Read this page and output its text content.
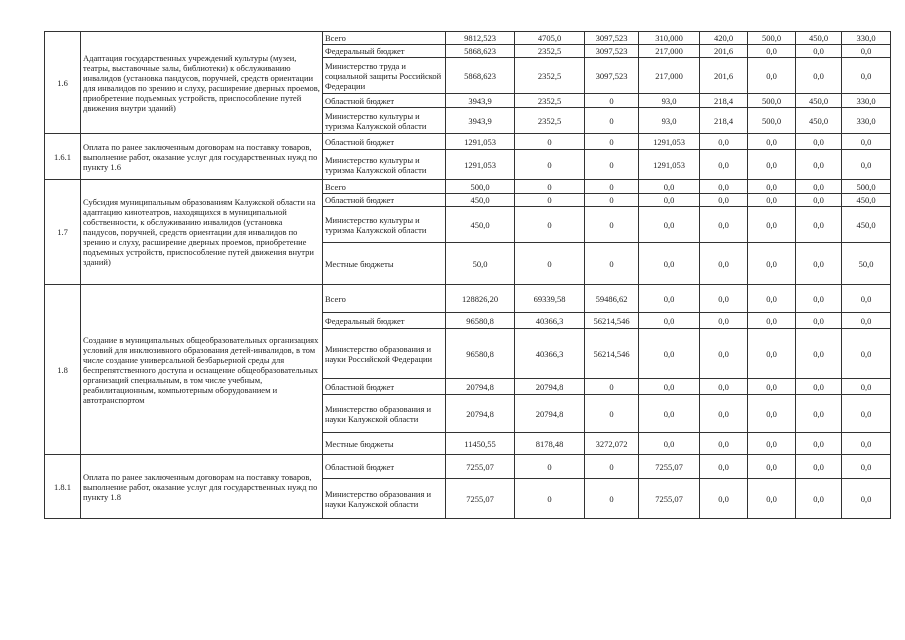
1.6	Адаптация государственных учреждений культуры (музеи, театры, выставочные залы, библиотеки) к обслуживанию инвалидов (установка пандусов, поручней, средств ориентации для инвалидов по зрению и слуху, расширение дверных проемов, приобретение подъемных устройств, приспособление путей движения внутри зданий)	Всего	9812,523	4705,0	3097,523	310,000	420,0	500,0	450,0	330,0
		Федеральный бюджет	5868,623	2352,5	3097,523	217,000	201,6	0,0	0,0	0,0
		Министерство труда и социальной защиты Российской Федерации	5868,623	2352,5	3097,523	217,000	201,6	0,0	0,0	0,0
		Областной бюджет	3943,9	2352,5	0	93,0	218,4	500,0	450,0	330,0
		Министерство культуры и туризма Калужской области	3943,9	2352,5	0	93,0	218,4	500,0	450,0	330,0
1.6.1	Оплата по ранее заключенным договорам на поставку товаров, выполнение работ, оказание услуг для государственных нужд по пункту 1.6	Областной бюджет	1291,053	0	0	1291,053	0,0	0,0	0,0	0,0
		Министерство культуры и туризма Калужской области	1291,053	0	0	1291,053	0,0	0,0	0,0	0,0
1.7	Субсидия муниципальным образованиям Калужской области на адаптацию кинотеатров, находящихся в муниципальной собственности, к обслуживанию инвалидов (установка пандусов, поручней, средств ориентации для инвалидов по зрению и слуху, расширение дверных проемов, приобретение подъемных устройств, приспособление путей движения внутри зданий)	Всего	500,0	0	0	0,0	0,0	0,0	0,0	500,0
		Областной бюджет	450,0	0	0	0,0	0,0	0,0	0,0	450,0
		Министерство культуры и туризма Калужской области	450,0	0	0	0,0	0,0	0,0	0,0	450,0
		Местные бюджеты	50,0	0	0	0,0	0,0	0,0	0,0	50,0
1.8	Создание в муниципальных общеобразовательных организациях условий для инклюзивного образования детей-инвалидов, в том числе создание универсальной безбарьерной среды для беспрепятственного доступа и оснащение общеобразовательных организаций специальным, в том числе учебным, реабилитационным, компьютерным оборудованием и автотранспортом	Всего	128826,20	69339,58	59486,62	0,0	0,0	0,0	0,0	0,0
		Федеральный бюджет	96580,8	40366,3	56214,546	0,0	0,0	0,0	0,0	0,0
		Министерство образования и науки Российской Федерации	96580,8	40366,3	56214,546	0,0	0,0	0,0	0,0	0,0
		Областной бюджет	20794,8	20794,8	0	0,0	0,0	0,0	0,0	0,0
		Министерство образования и науки Калужской области	20794,8	20794,8	0	0,0	0,0	0,0	0,0	0,0
		Местные бюджеты	11450,55	8178,48	3272,072	0,0	0,0	0,0	0,0	0,0
1.8.1	Оплата по ранее заключенным договорам на поставку товаров, выполнение работ, оказание услуг для государственных нужд по пункту 1.8	Областной бюджет	7255,07	0	0	7255,07	0,0	0,0	0,0	0,0
		Министерство образования и науки Калужской области	7255,07	0	0	7255,07	0,0	0,0	0,0	0,0
